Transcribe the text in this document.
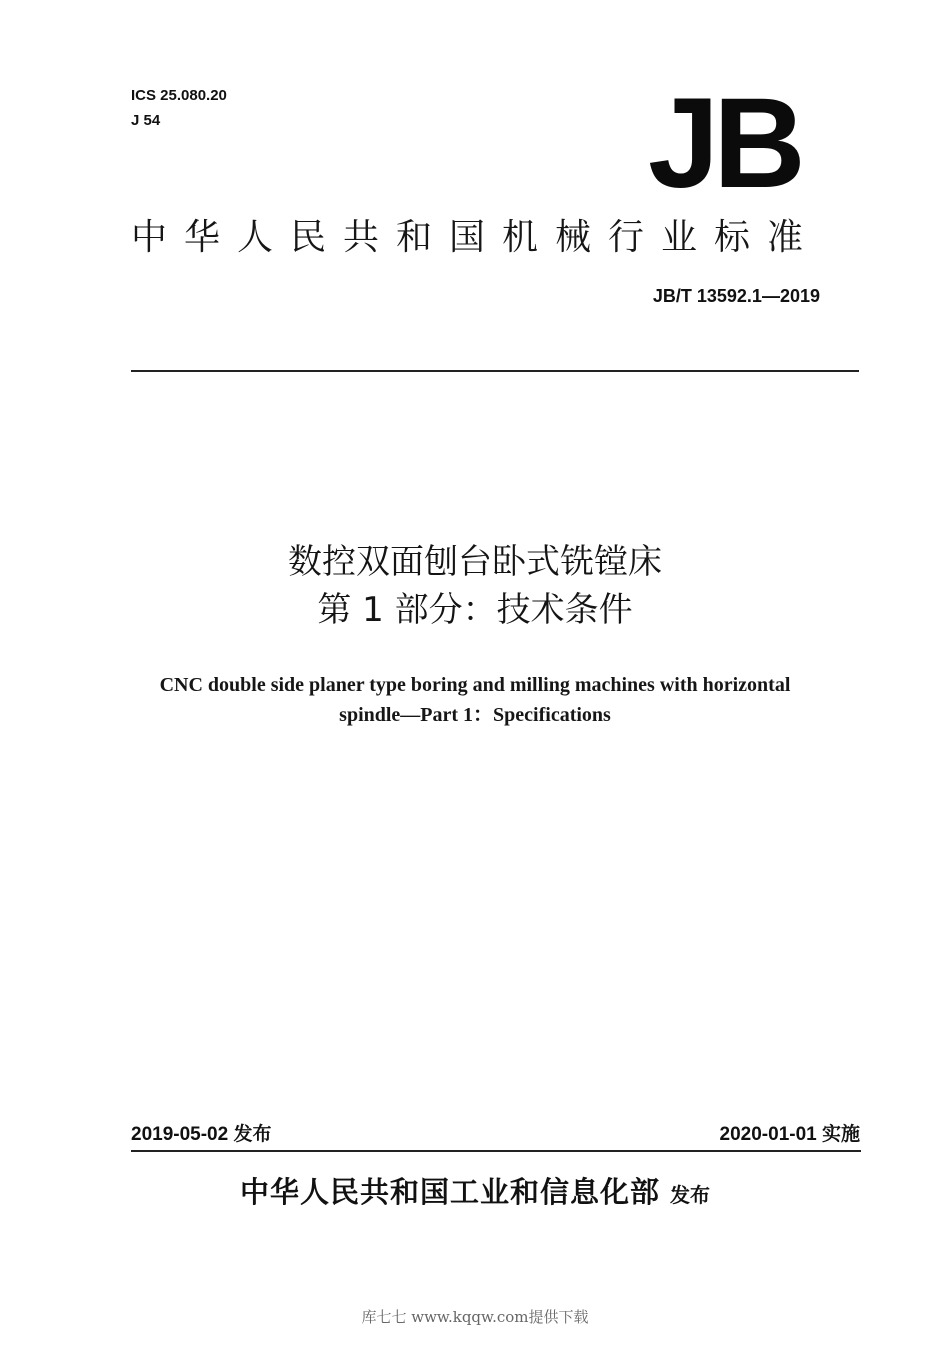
ICS 25.080.20
J 54	JB
中华人民共和国机械行业标准
JB/T 13592.1—2019
数控双面刨台卧式铣镗床
第 1 部分：技术条件
CNC double side planer type boring and milling machines with horizontal
spindle—Part 1：Specifications
2019-05-02 发布	2020-01-01 实施
中华人民共和国工业和信息化部 发布
库七七 www.kqqw.com提供下载
